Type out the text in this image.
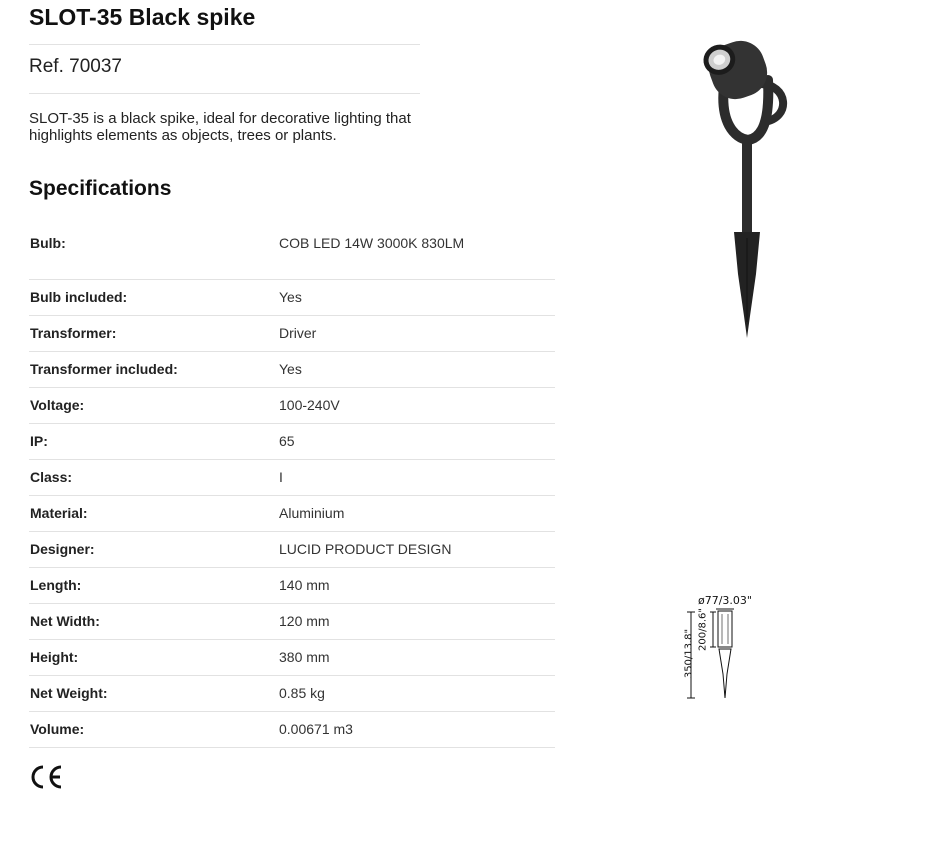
SLOT-35 Black spike
Ref. 70037
SLOT-35 is a black spike, ideal for decorative lighting that highlights elements as objects, trees or plants.
Specifications
Bulb:	COB LED 14W 3000K 830LM
Bulb included:	Yes
Transformer:	Driver
Transformer included:	Yes
Voltage:	100-240V
IP:	65
Class:	I
Material:	Aluminium
Designer:	LUCID PRODUCT DESIGN
Length:	140 mm
Net Width:	120 mm
Height:	380 mm
Net Weight:	0.85 kg
Volume:	0.00671 m3
ø77/3.03"
350/13.8" 200/8.6"
